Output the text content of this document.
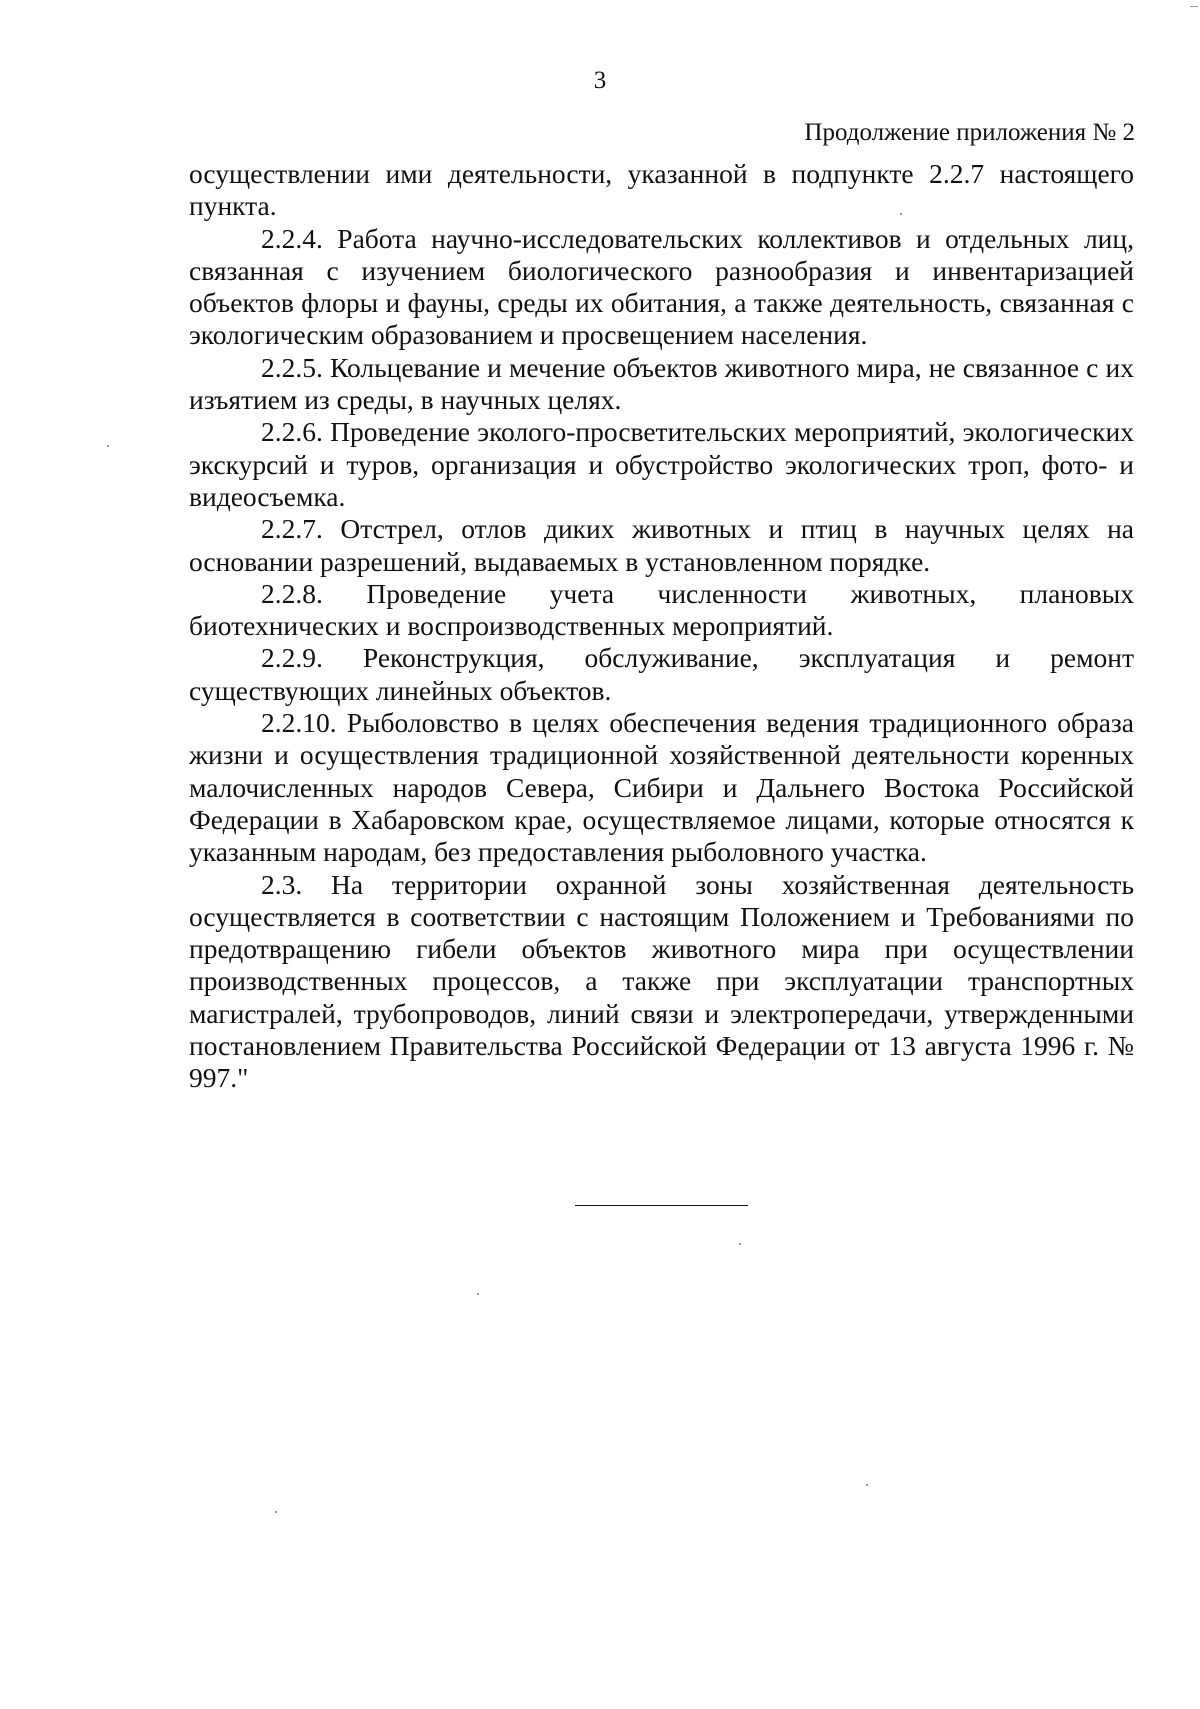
3
Продолжение приложения № 2

осуществлении ими деятельности, указанной в подпункте 2.2.7 настоящего пункта.

2.2.4. Работа научно-исследовательских коллективов и отдельных лиц, связанная с изучением биологического разнообразия и инвентаризацией объектов флоры и фауны, среды их обитания, а также деятельность, связанная с экологическим образованием и просвещением населения.

2.2.5. Кольцевание и мечение объектов животного мира, не связанное с их изъятием из среды, в научных целях.

2.2.6. Проведение эколого-просветительских мероприятий, экологических экскурсий и туров, организация и обустройство экологических троп, фото- и видеосъемка.

2.2.7. Отстрел, отлов диких животных и птиц в научных целях на основании разрешений, выдаваемых в установленном порядке.

2.2.8. Проведение учета численности животных, плановых биотехнических и воспроизводственных мероприятий.

2.2.9. Реконструкция, обслуживание, эксплуатация и ремонт существующих линейных объектов.

2.2.10. Рыболовство в целях обеспечения ведения традиционного образа жизни и осуществления традиционной хозяйственной деятельности коренных малочисленных народов Севера, Сибири и Дальнего Востока Российской Федерации в Хабаровском крае, осуществляемое лицами, которые относятся к указанным народам, без предоставления рыболовного участка.

2.3. На территории охранной зоны хозяйственная деятельность осуществляется в соответствии с настоящим Положением и Требованиями по предотвращению гибели объектов животного мира при осуществлении производственных процессов, а также при эксплуатации транспортных магистралей, трубопроводов, линий связи и электропередачи, утвержденными постановлением Правительства Российской Федерации от 13 августа 1996 г. № 997."
